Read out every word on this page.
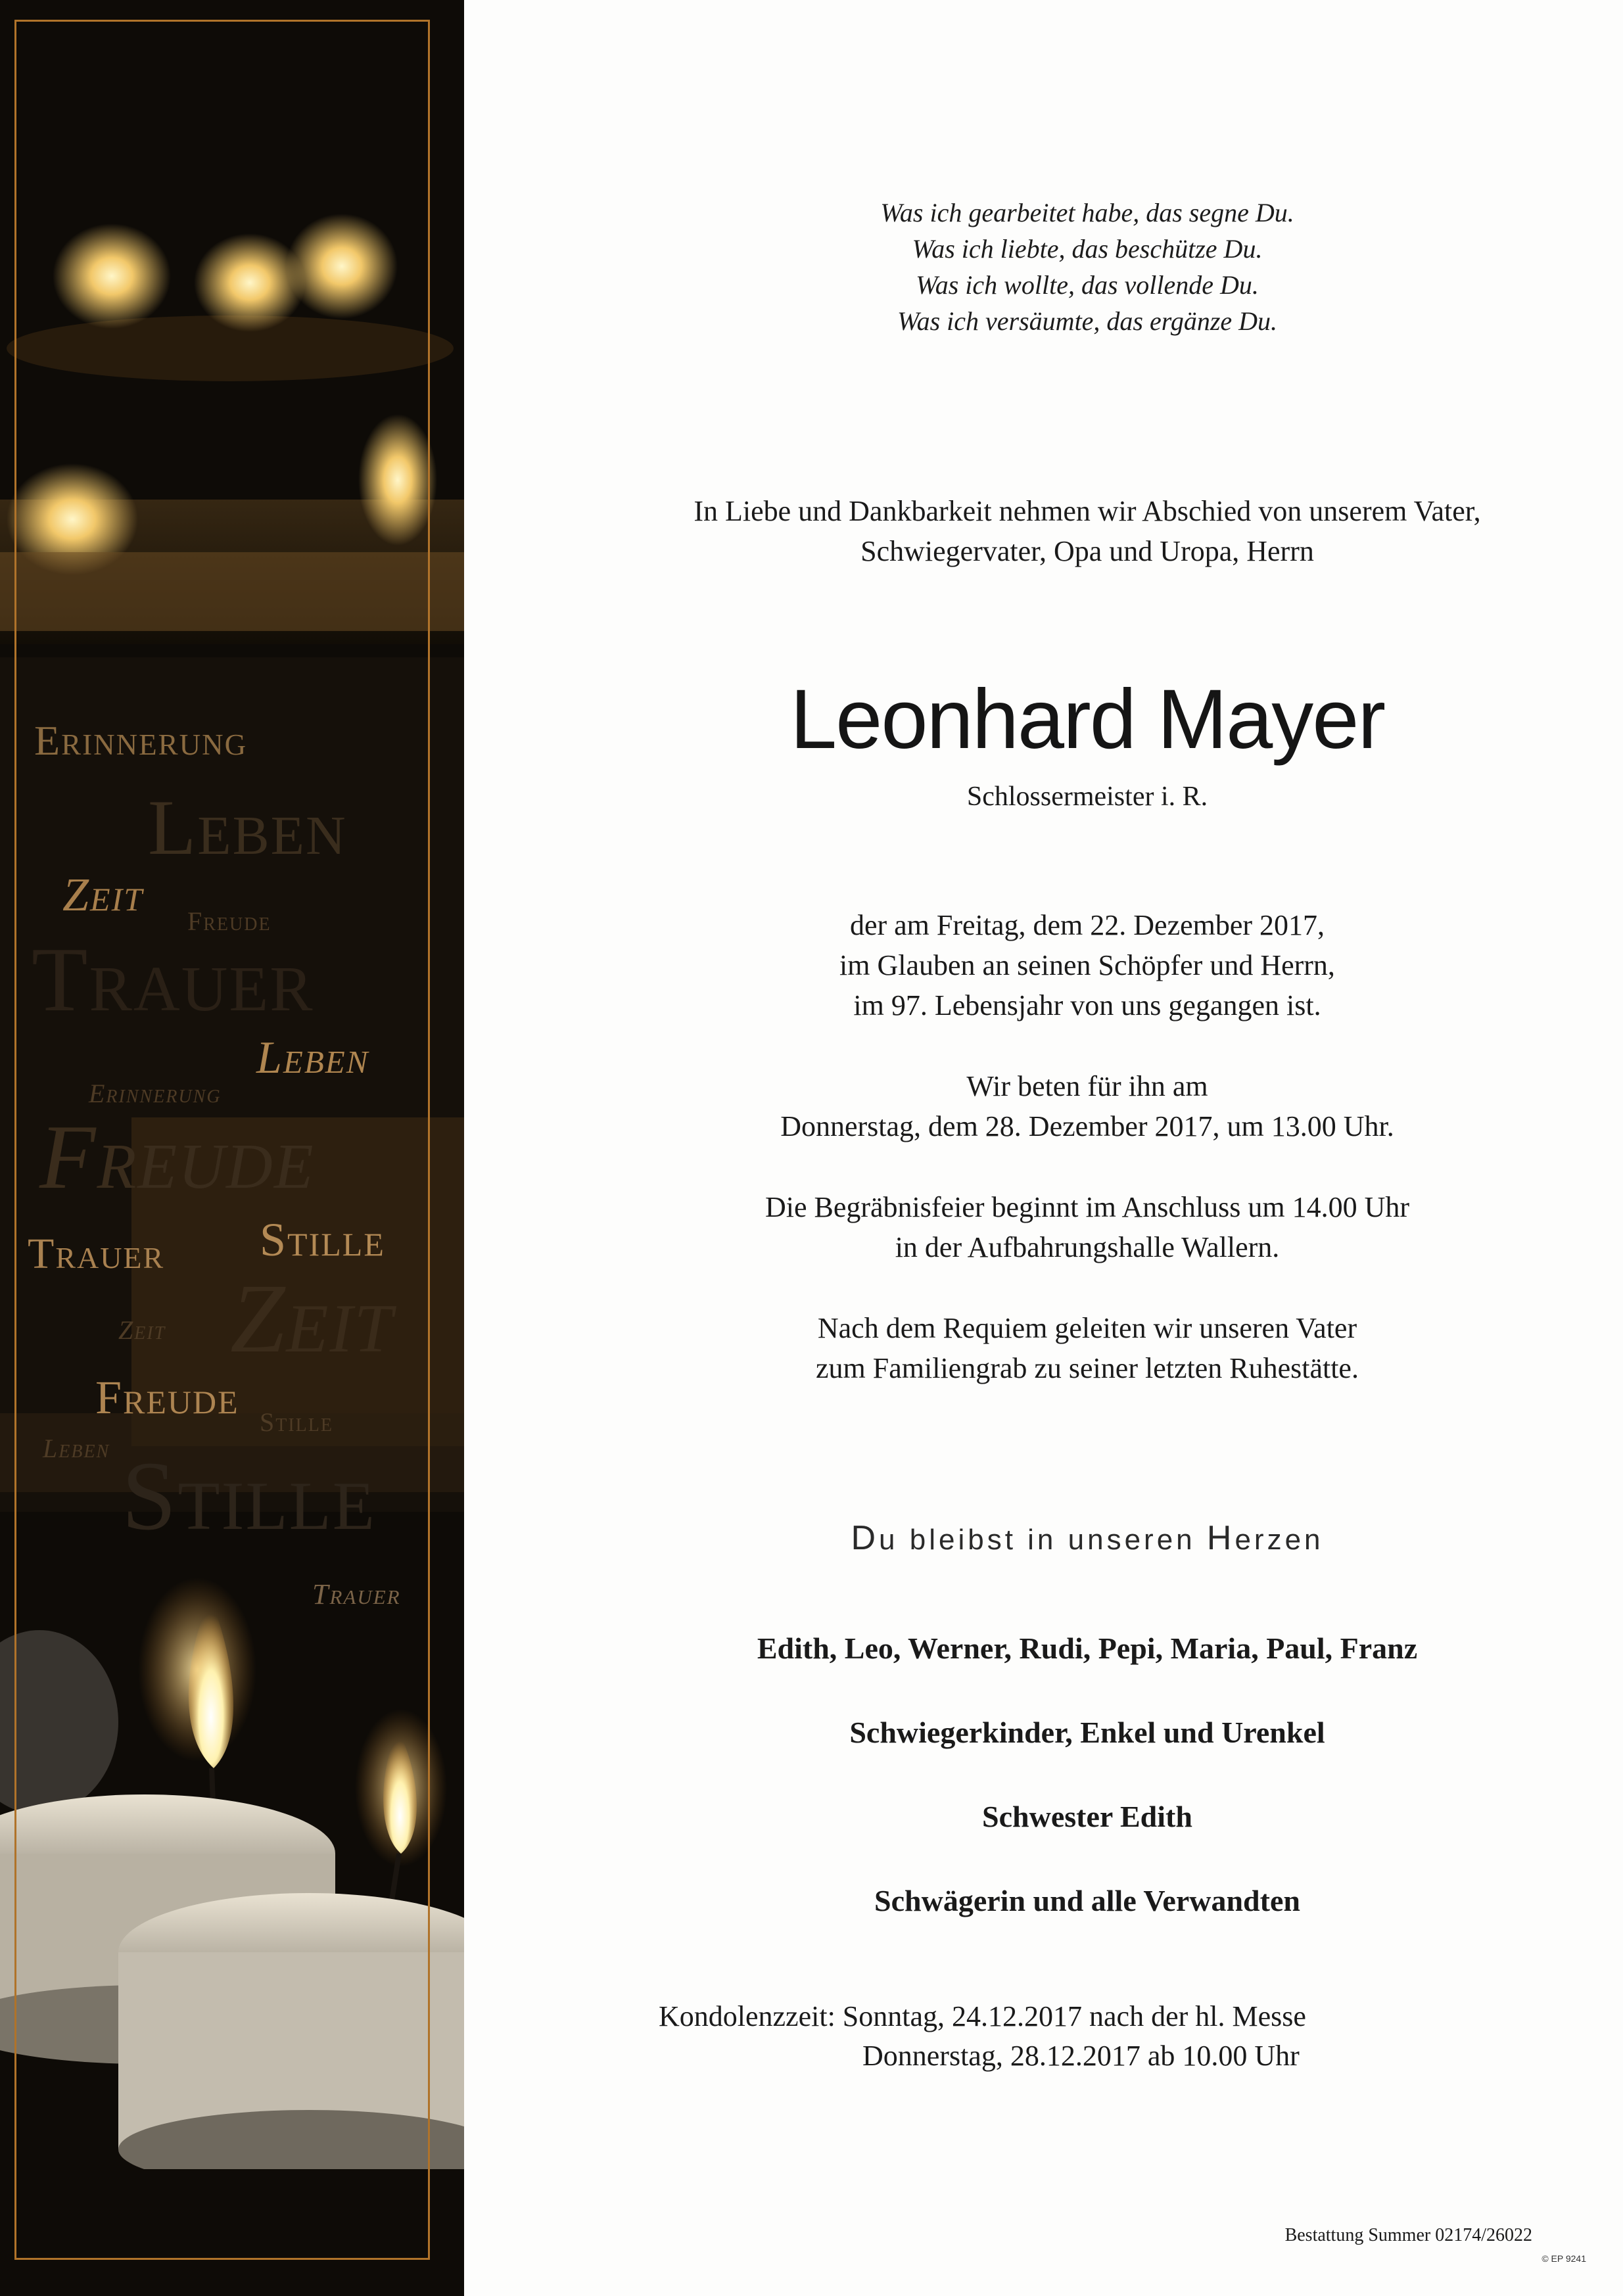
Erinnerung
Leben
Zeit
Freude
Trauer
Leben
Erinnerung
Freude
Trauer Stille
Zeit Zeit
Freude Stille
Leben Stille
Trauer

Was ich gearbeitet habe, das segne Du.

Was ich liebte, das beschütze Du.

Was ich wollte, das vollende Du.

Was ich versäumte, das ergänze Du.

In Liebe und Dankbarkeit nehmen wir Abschied von unserem Vater,

Schwiegervater, Opa und Uropa, Herrn

Leonhard Mayer
Schlossermeister i. R.

der am Freitag, dem 22. Dezember 2017,

im Glauben an seinen Schöpfer und Herrn,

im 97. Lebensjahr von uns gegangen ist.

Wir beten für ihn am

Donnerstag, dem 28. Dezember 2017, um 13.00 Uhr.

Die Begräbnisfeier beginnt im Anschluss um 14.00 Uhr

in der Aufbahrungshalle Wallern.

Nach dem Requiem geleiten wir unseren Vater

zum Familiengrab zu seiner letzten Ruhestätte.

Du bleibst in unseren Herzen

Edith, Leo, Werner, Rudi, Pepi, Maria, Paul, Franz

Schwiegerkinder, Enkel und Urenkel

Schwester Edith

Schwägerin und alle Verwandten

Kondolenzzeit: Sonntag, 24.12.2017 nach der hl. Messe
Donnerstag, 28.12.2017 ab 10.00 Uhr
Bestattung Summer 02174/26022
© EP 9241
